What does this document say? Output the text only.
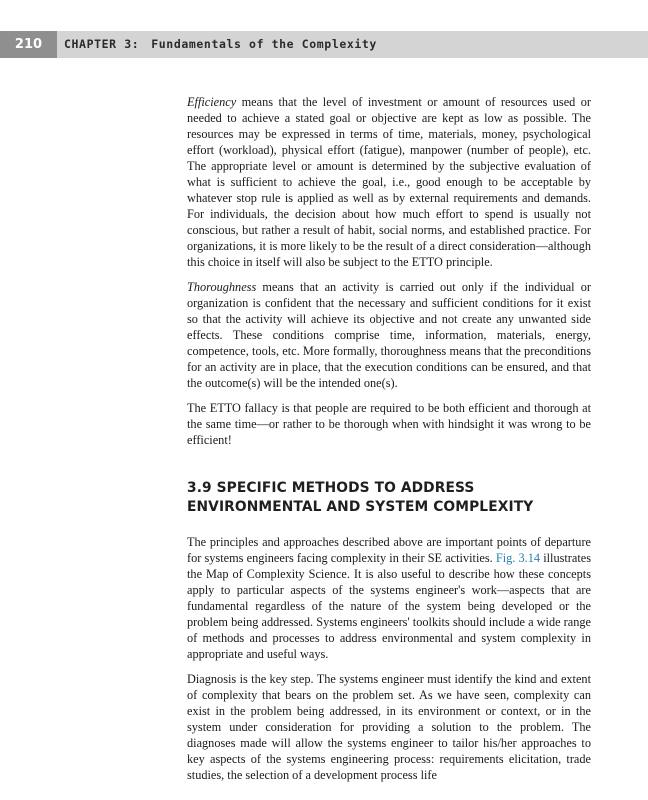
210	CHAPTER 3: Fundamentals of the Complexity

Efficiency means that the level of investment or amount of resources used or needed to achieve a stated goal or objective are kept as low as possible. The resources may be expressed in terms of time, materials, money, psychological effort (workload), physical effort (fatigue), manpower (number of people), etc. The appropriate level or amount is determined by the subjective evaluation of what is sufficient to achieve the goal, i.e., good enough to be acceptable by whatever stop rule is applied as well as by external requirements and demands. For individuals, the decision about how much effort to spend is usually not conscious, but rather a result of habit, social norms, and established practice. For organizations, it is more likely to be the result of a direct consideration—although this choice in itself will also be subject to the ETTO principle.

Thoroughness means that an activity is carried out only if the individual or organization is confident that the necessary and sufficient conditions for it exist so that the activity will achieve its objective and not create any unwanted side effects. These conditions comprise time, information, materials, energy, competence, tools, etc. More formally, thoroughness means that the preconditions for an activity are in place, that the execution conditions can be ensured, and that the outcome(s) will be the intended one(s).

The ETTO fallacy is that people are required to be both efficient and thorough at the same time—or rather to be thorough when with hindsight it was wrong to be efficient!

3.9 SPECIFIC METHODS TO ADDRESS ENVIRONMENTAL AND SYSTEM COMPLEXITY

The principles and approaches described above are important points of departure for systems engineers facing complexity in their SE activities. Fig. 3.14 illustrates the Map of Complexity Science. It is also useful to describe how these concepts apply to particular aspects of the systems engineer's work—aspects that are fundamental regardless of the nature of the system being developed or the problem being addressed. Systems engineers' toolkits should include a wide range of methods and processes to address environmental and system complexity in appropriate and useful ways.

Diagnosis is the key step. The systems engineer must identify the kind and extent of complexity that bears on the problem set. As we have seen, complexity can exist in the problem being addressed, in its environment or context, or in the system under consideration for providing a solution to the problem. The diagnoses made will allow the systems engineer to tailor his/her approaches to key aspects of the systems engineering process: requirements elicitation, trade studies, the selection of a development process life
